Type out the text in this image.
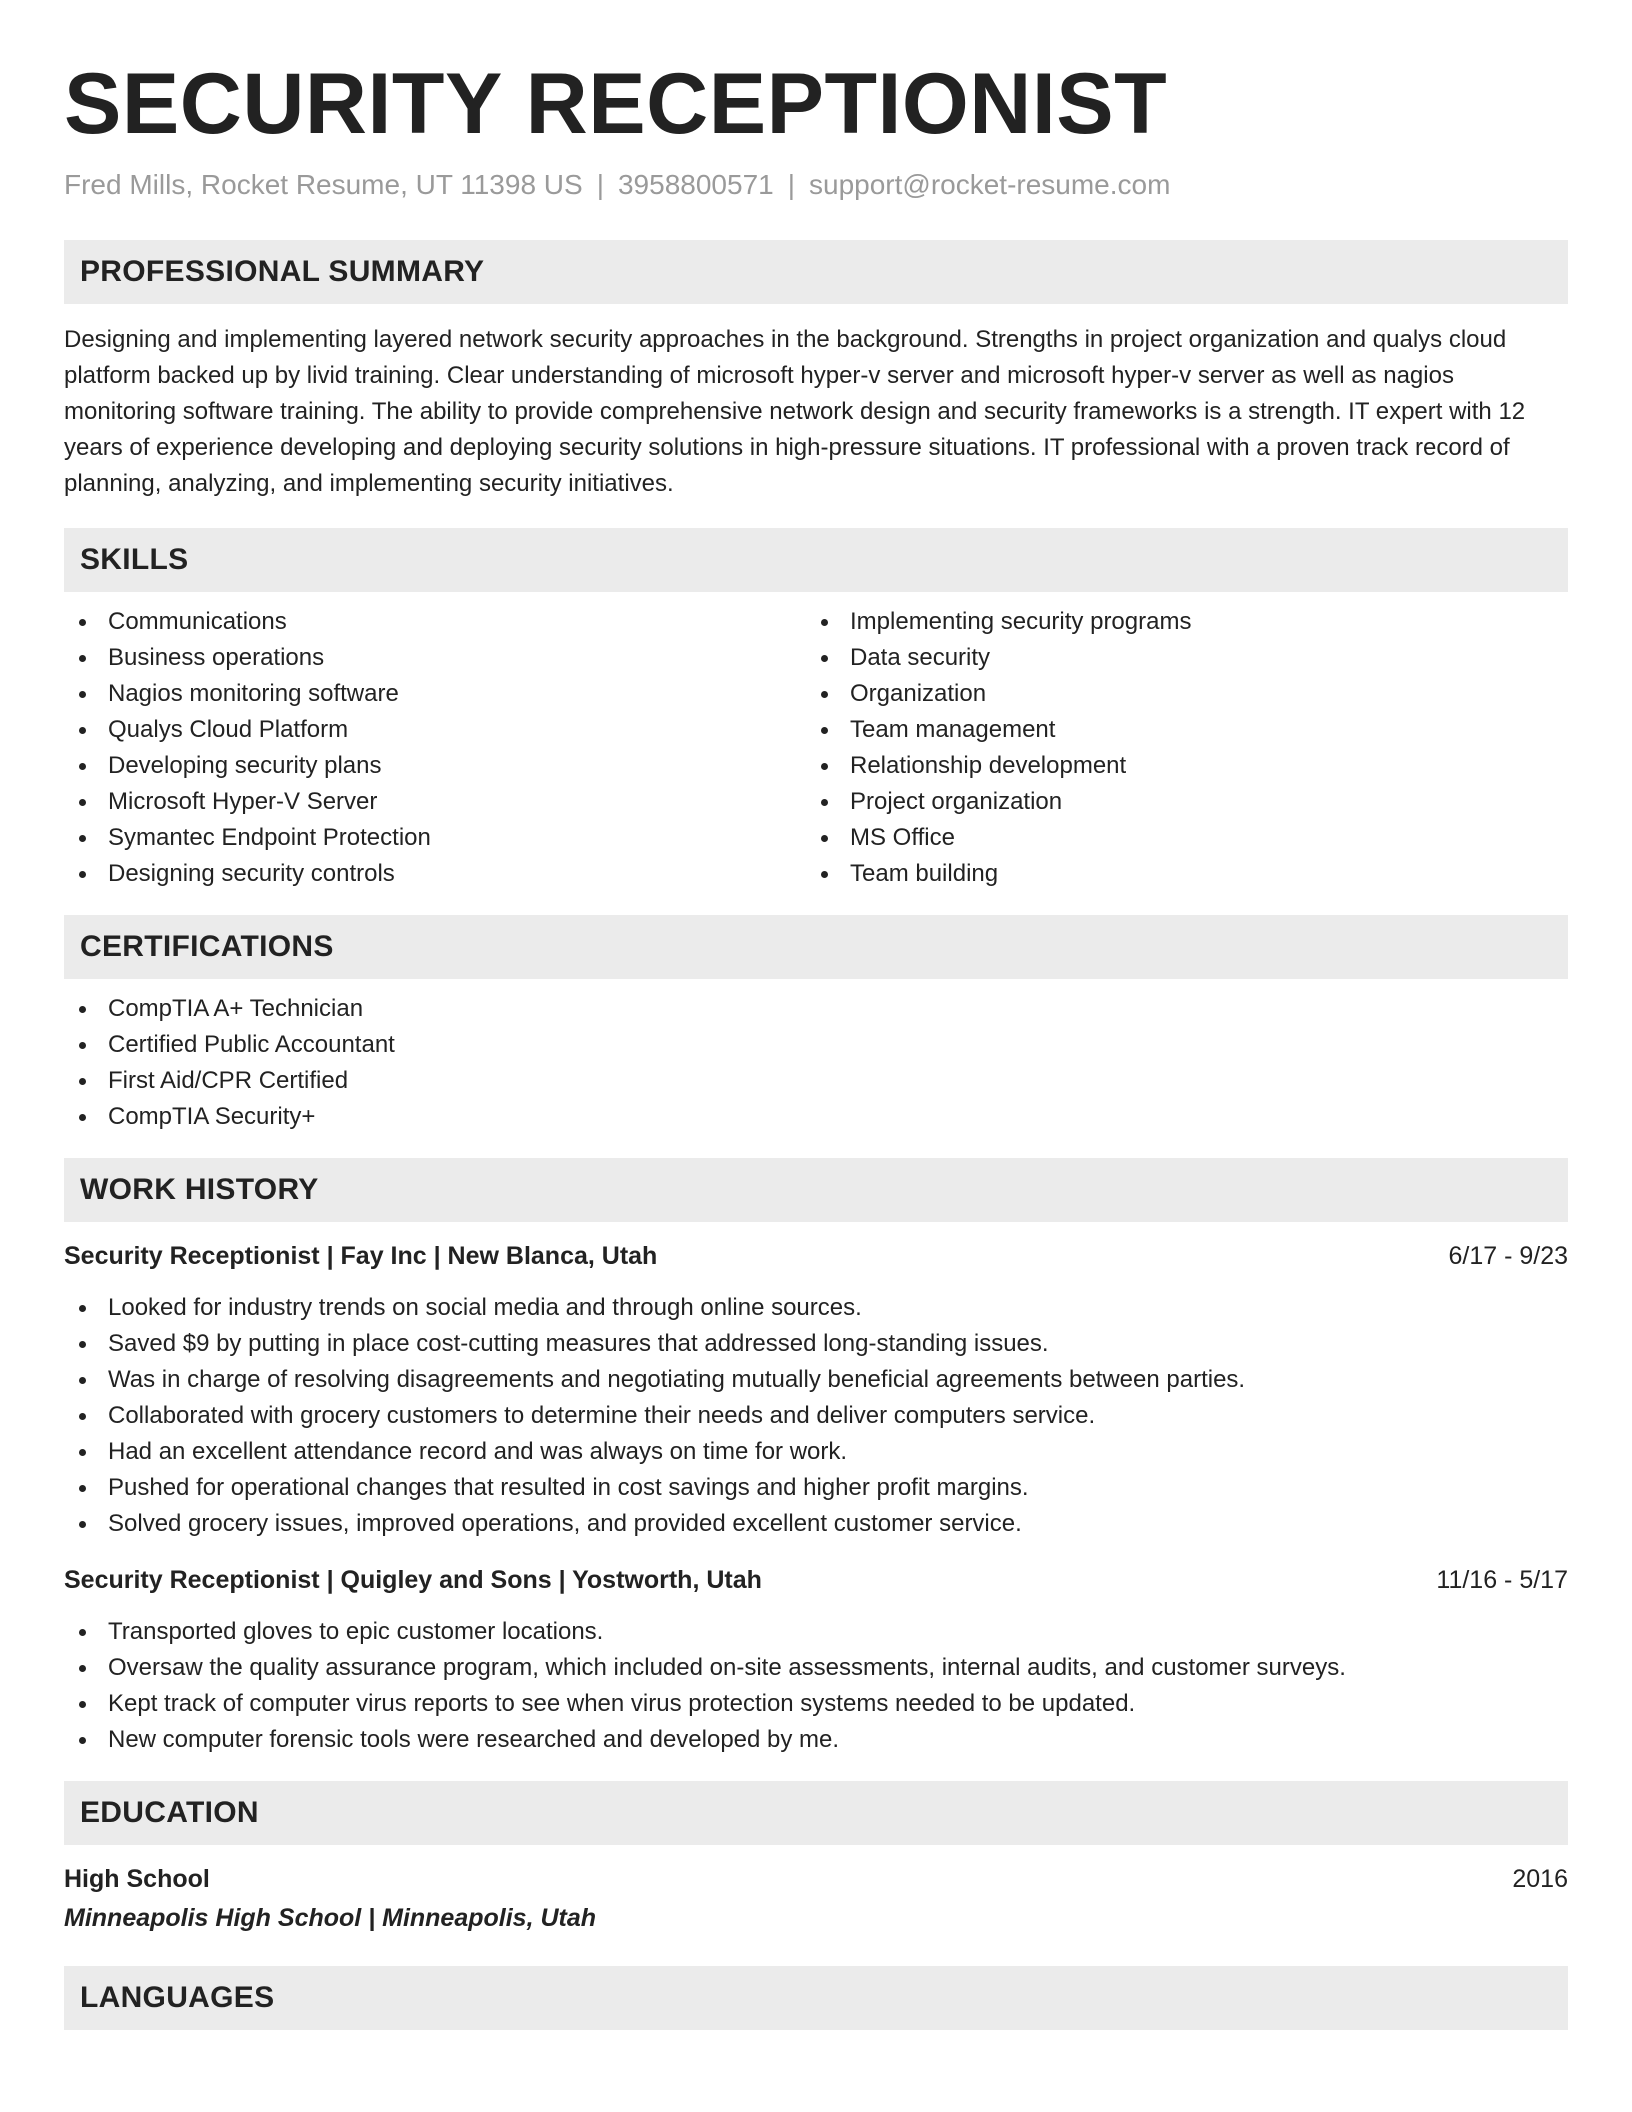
SECURITY RECEPTIONIST
Fred Mills, Rocket Resume, UT 11398 US | 3958800571 | support@rocket-resume.com
PROFESSIONAL SUMMARY

Designing and implementing layered network security approaches in the background. Strengths in project organization and qualys cloud platform backed up by livid training. Clear understanding of microsoft hyper-v server and microsoft hyper-v server as well as nagios monitoring software training. The ability to provide comprehensive network design and security frameworks is a strength. IT expert with 12 years of experience developing and deploying security solutions in high-pressure situations. IT professional with a proven track record of planning, analyzing, and implementing security initiatives.

SKILLS
Communications
Business operations
Nagios monitoring software
Qualys Cloud Platform
Developing security plans
Microsoft Hyper-V Server
Symantec Endpoint Protection
Designing security controls
Implementing security programs
Data security
Organization
Team management
Relationship development
Project organization
MS Office
Team building
CERTIFICATIONS
CompTIA A+ Technician
Certified Public Accountant
First Aid/CPR Certified
CompTIA Security+
WORK HISTORY
Security Receptionist | Fay Inc | New Blanca, Utah	6/17 - 9/23
Looked for industry trends on social media and through online sources.
Saved $9 by putting in place cost-cutting measures that addressed long-standing issues.
Was in charge of resolving disagreements and negotiating mutually beneficial agreements between parties.
Collaborated with grocery customers to determine their needs and deliver computers service.
Had an excellent attendance record and was always on time for work.
Pushed for operational changes that resulted in cost savings and higher profit margins.
Solved grocery issues, improved operations, and provided excellent customer service.
Security Receptionist | Quigley and Sons | Yostworth, Utah	11/16 - 5/17
Transported gloves to epic customer locations.
Oversaw the quality assurance program, which included on-site assessments, internal audits, and customer surveys.
Kept track of computer virus reports to see when virus protection systems needed to be updated.
New computer forensic tools were researched and developed by me.
EDUCATION
High School	2016
Minneapolis High School | Minneapolis, Utah
LANGUAGES
